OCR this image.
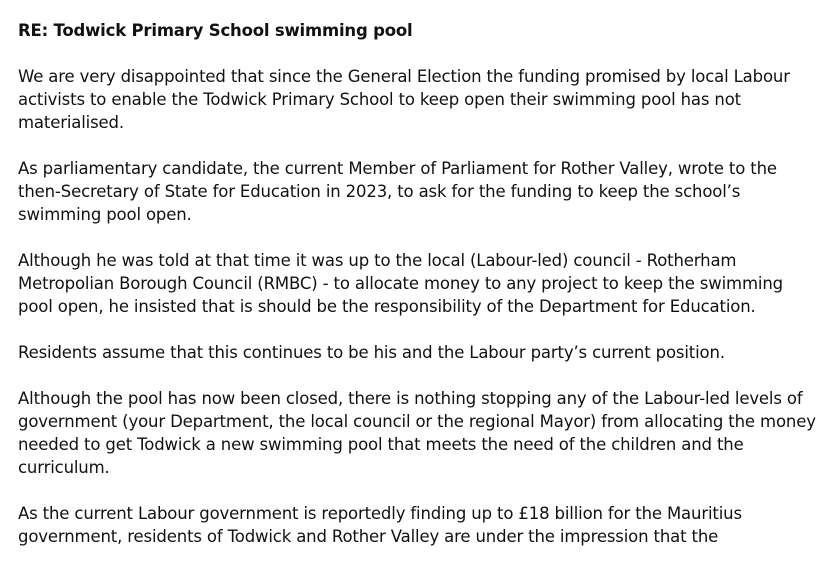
RE: Todwick Primary School swimming pool

We are very disappointed that since the General Election the funding promised by local Labour activists to enable the Todwick Primary School to keep open their swimming pool has not materialised.

As parliamentary candidate, the current Member of Parliament for Rother Valley, wrote to the then-Secretary of State for Education in 2023, to ask for the funding to keep the school’s swimming pool open.

Although he was told at that time it was up to the local (Labour-led) council - Rotherham Metropolian Borough Council (RMBC) - to allocate money to any project to keep the swimming pool open, he insisted that is should be the responsibility of the Department for Education.

Residents assume that this continues to be his and the Labour party’s current position.

Although the pool has now been closed, there is nothing stopping any of the Labour-led levels of government (your Department, the local council or the regional Mayor) from allocating the money needed to get Todwick a new swimming pool that meets the need of the children and the curriculum.

As the current Labour government is reportedly finding up to £18 billion for the Mauritius government, residents of Todwick and Rother Valley are under the impression that the
